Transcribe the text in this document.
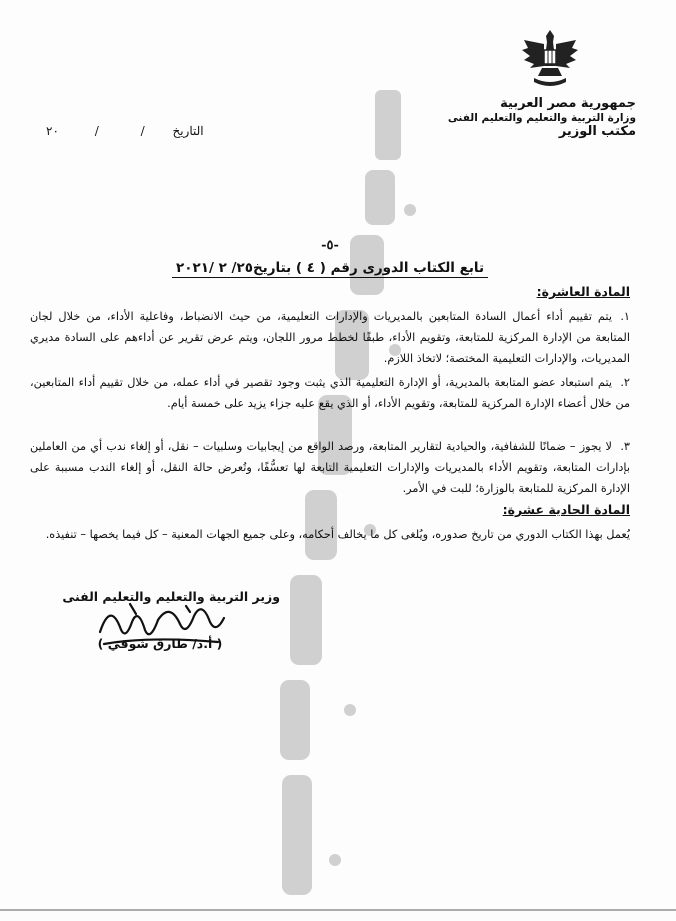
جمهورية مصر العربية
وزارة التربية والتعليم والتعليم الفنى
مكتب الوزير
٢٠	/	/ التاريخ
-٥-
تابع الكتاب الدورى رقم ( ٤ ) بتاريخ٢٥/ ٢ /٢٠٢١
المادة العاشرة:
١.يتم تقييم أداء أعمال السادة المتابعين بالمديريات والإدارات التعليمية، من حيث الانضباط، وفاعلية الأداء، من خلال لجان المتابعة من الإدارة المركزية للمتابعة، وتقويم الأداء، طبقًا لخطط مرور اللجان، ويتم عرض تقرير عن أداءهم على السادة مديري المديريات، والإدارات التعليمية المختصة؛ لاتخاذ اللازم.
٢.يتم استبعاد عضو المتابعة بالمديرية، أو الإدارة التعليمية الذي يثبت وجود تقصير في أداء عمله، من خلال تقييم أداء المتابعين، من خلال أعضاء الإدارة المركزية للمتابعة، وتقويم الأداء، أو الذي يقع عليه جزاء يزيد على خمسة أيام.
٣.لا يجوز – ضمانًا للشفافية، والحيادية لتقارير المتابعة، ورصد الواقع من إيجابيات وسلبيات – نقل، أو إلغاء ندب أي من العاملين بإدارات المتابعة، وتقويم الأداء بالمديريات والإدارات التعليمية التابعة لها تعسُّفًا، وتُعرض حالة النقل، أو إلغاء الندب مسببة على الإدارة المركزية للمتابعة بالوزارة؛ للبت في الأمر.
المادة الحادية عشرة:
يُعمل بهذا الكتاب الدوري من تاريخ صدوره، ويُلغى كل ما يخالف أحكامه، وعلى جميع الجهات المعنية – كل فيما يخصها – تنفيذه.
وزير التربية والتعليم والتعليم الفنى
( أ.د/ طارق شوقي )
